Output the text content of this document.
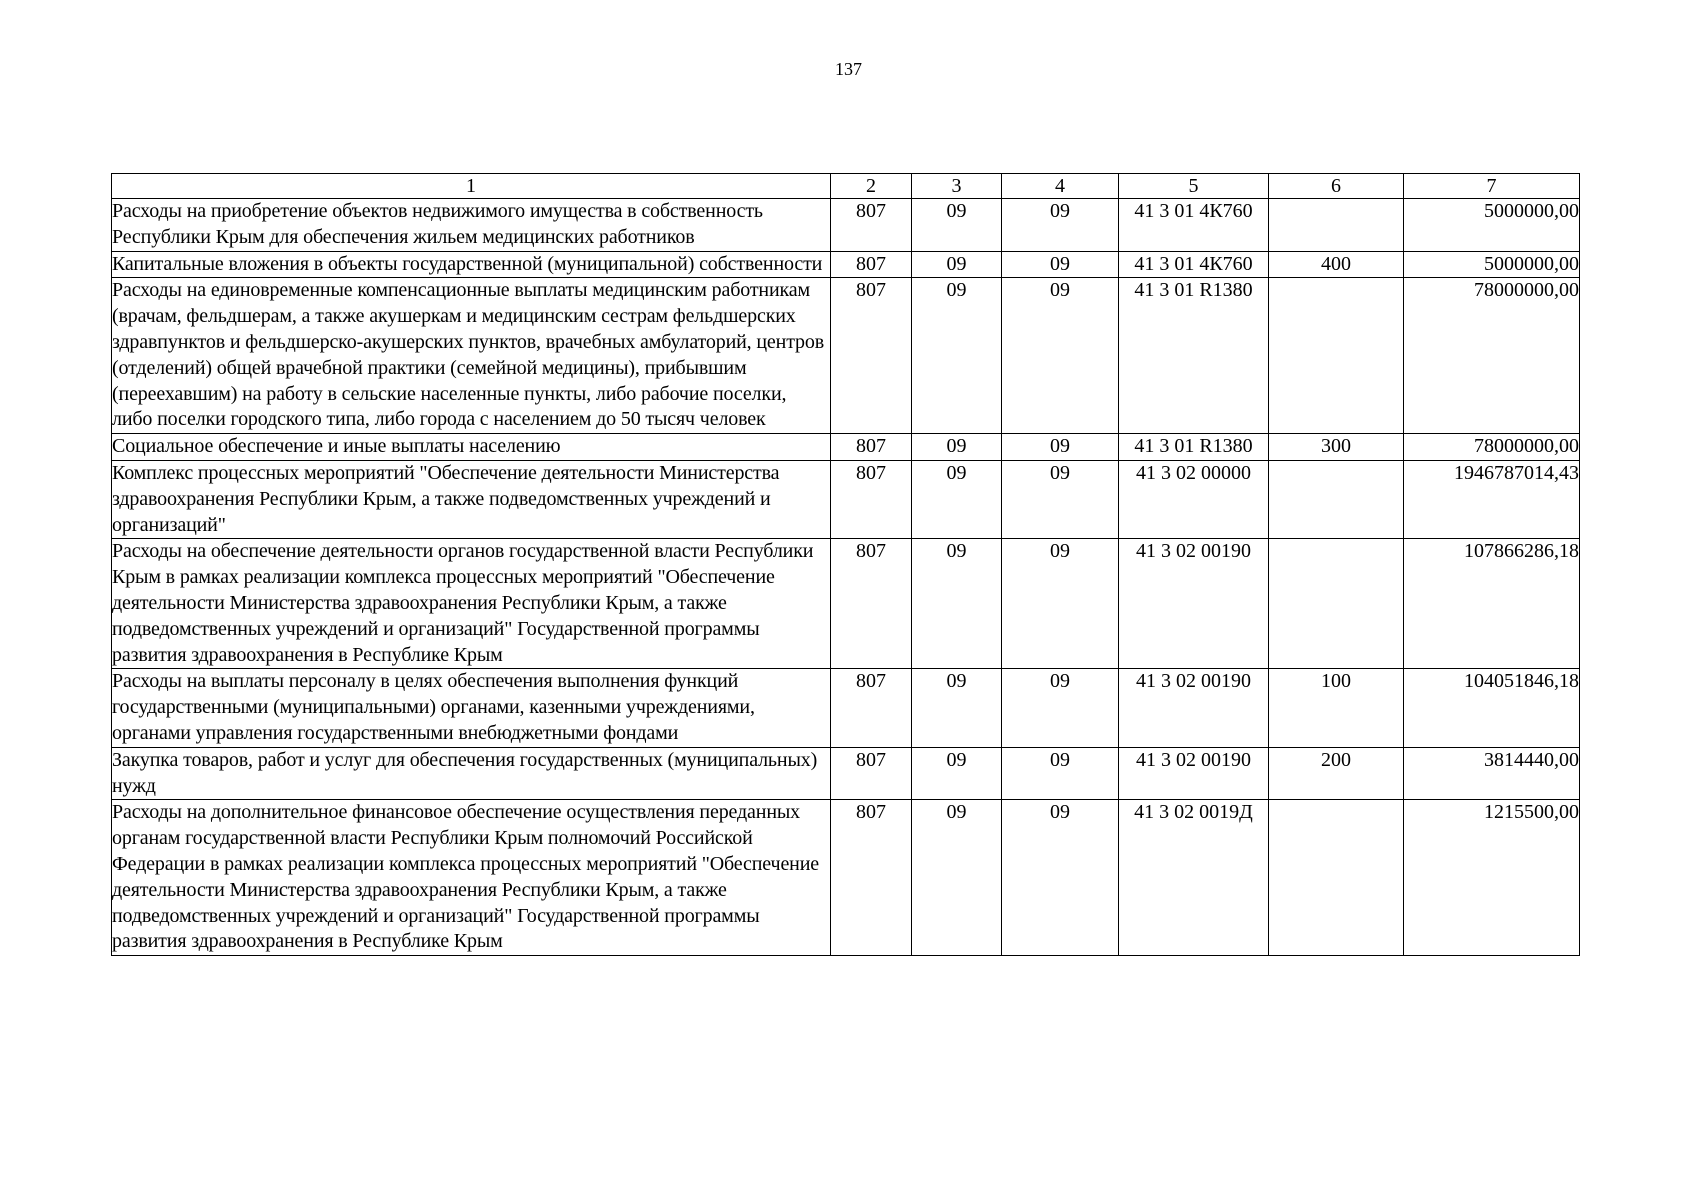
137
1	2	3	4	5	6	7
Расходы на приобретение объектов недвижимого имущества в собственность Республики Крым для обеспечения жильем медицинских работников	807	09	09	41 3 01 4К760		5000000,00
Капитальные вложения в объекты государственной (муниципальной) собственности	807	09	09	41 3 01 4К760	400	5000000,00
Расходы на единовременные компенсационные выплаты медицинским работникам (врачам, фельдшерам, а также акушеркам и медицинским сестрам фельдшерских здравпунктов и фельдшерско-акушерских пунктов, врачебных амбулаторий, центров (отделений) общей врачебной практики (семейной медицины), прибывшим (переехавшим) на работу в сельские населенные пункты, либо рабочие поселки, либо поселки городского типа, либо города с населением до 50 тысяч человек	807	09	09	41 3 01 R1380		78000000,00
Социальное обеспечение и иные выплаты населению	807	09	09	41 3 01 R1380	300	78000000,00
Комплекс процессных мероприятий "Обеспечение деятельности Министерства здравоохранения Республики Крым, а также подведомственных учреждений и организаций"	807	09	09	41 3 02 00000		1946787014,43
Расходы на обеспечение деятельности органов государственной власти Республики Крым в рамках реализации комплекса процессных мероприятий "Обеспечение деятельности Министерства здравоохранения Республики Крым, а также подведомственных учреждений и организаций" Государственной программы развития здравоохранения в Республике Крым	807	09	09	41 3 02 00190		107866286,18
Расходы на выплаты персоналу в целях обеспечения выполнения функций государственными (муниципальными) органами, казенными учреждениями, органами управления государственными внебюджетными фондами	807	09	09	41 3 02 00190	100	104051846,18
Закупка товаров, работ и услуг для обеспечения государственных (муниципальных) нужд	807	09	09	41 3 02 00190	200	3814440,00
Расходы на дополнительное финансовое обеспечение осуществления переданных органам государственной власти Республики Крым полномочий Российской Федерации в рамках реализации комплекса процессных мероприятий "Обеспечение деятельности Министерства здравоохранения Республики Крым, а также подведомственных учреждений и организаций" Государственной программы развития здравоохранения в Республике Крым	807	09	09	41 3 02 0019Д		1215500,00
